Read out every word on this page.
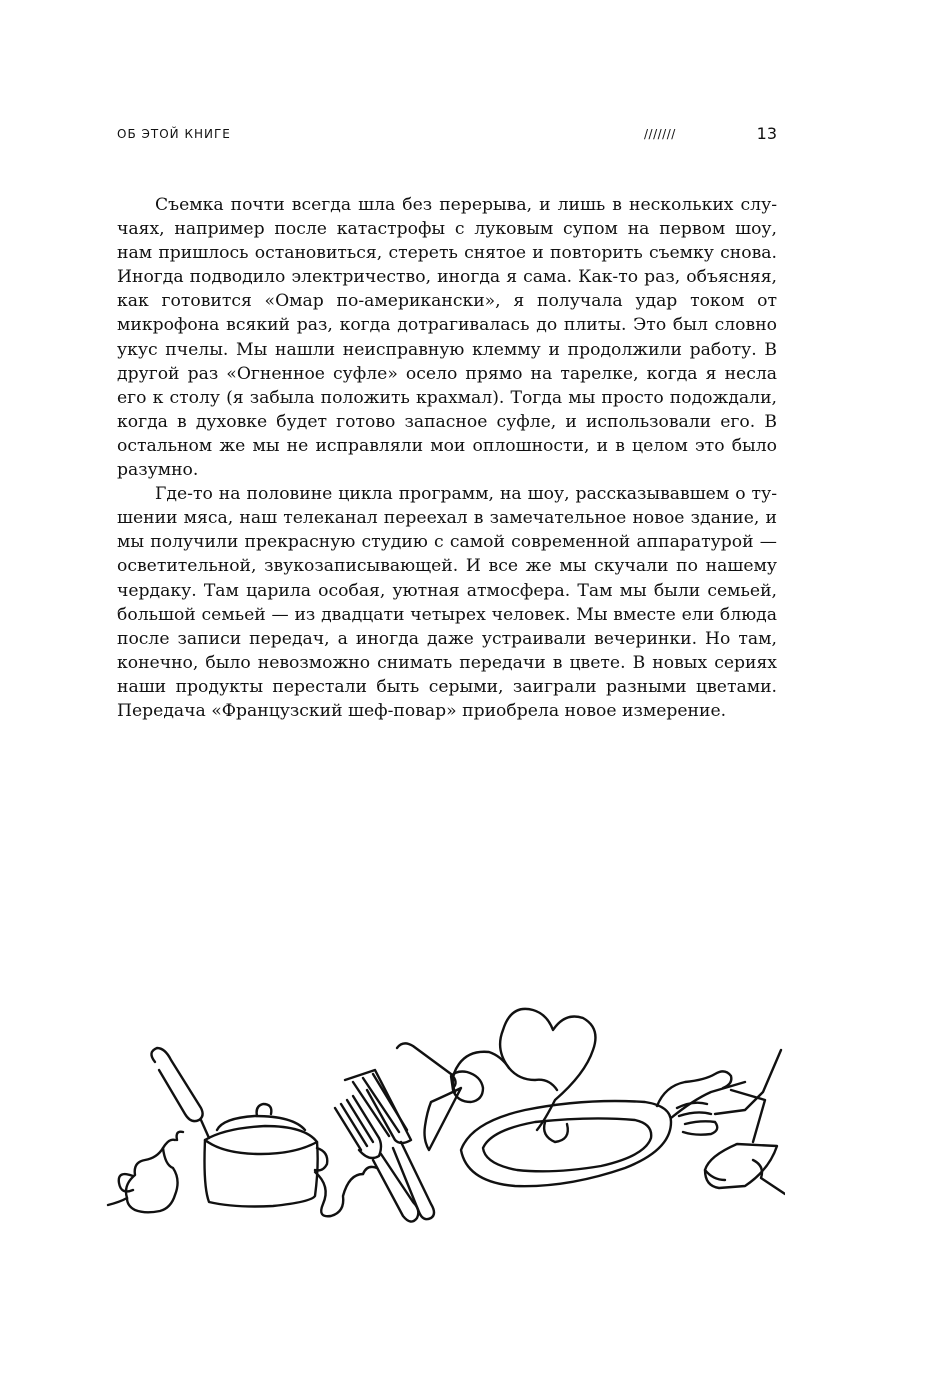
ОБ ЭТОЙ КНИГЕ	///////	13

Съемка почти всегда шла без перерыва, и лишь в нескольких случаях, например после катастрофы с луковым супом на первом шоу, нам пришлось остановиться, стереть снятое и повторить съемку снова. Иногда подводило электричество, иногда я сама. Как-то раз, объясняя, как готовится «Омар по-американски», я получала удар током от микрофона всякий раз, когда дотрагивалась до плиты. Это был словно укус пчелы. Мы нашли неисправную клемму и продолжили работу. В другой раз «Огненное суфле» осело прямо на тарелке, когда я несла его к столу (я забыла положить крахмал). Тогда мы просто подождали, когда в духовке будет готово запасное суфле, и использовали его. В остальном же мы не исправляли мои оплошности, и в целом это было разумно.

Где-то на половине цикла программ, на шоу, рассказывавшем о тушении мяса, наш телеканал переехал в замечательное новое здание, и мы получили прекрасную студию с самой современной аппаратурой — осветительной, звукозаписывающей. И все же мы скучали по нашему чердаку. Там царила особая, уютная атмосфера. Там мы были семьей, большой семьей — из двадцати четырех человек. Мы вместе ели блюда после записи передач, а иногда даже устраивали вечеринки. Но там, конечно, было невозможно снимать передачи в цвете. В новых сериях наши продукты перестали быть серыми, заиграли разными цветами. Передача «Французский шеф-повар» приобрела новое измерение.
